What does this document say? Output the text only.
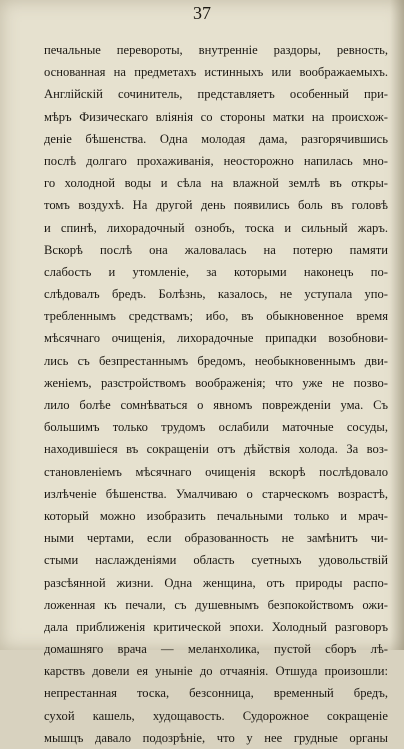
37
печальные перевороты, внутренніе раздоры, ревность,
основанная на предметахъ истинныхъ или воображаемыхъ.
Англійскій сочинитель, представляетъ особенный при-
мѣръ Физическаго вліянія со стороны матки на происхож-
деніе бѣшенства. Одна молодая дама, разгорячившись
послѣ долгаго прохаживанія, неосторожно напилась мно-
го холодной воды и сѣла на влажной землѣ въ откры-
томъ воздухѣ. На другой день появились боль въ головѣ
и спинѣ, лихорадочный ознобъ, тоска и сильный жаръ.
Вскорѣ послѣ она жаловалась на потерю памяти
слабость и утомленіе, за которыми наконецъ по-
слѣдовалъ бредъ. Болѣзнь, казалось, не уступала упо-
требленнымъ средствамъ; ибо, въ обыкновенное время
мѣсячнаго очищенія, лихорадочные припадки возобнови-
лись съ безпрестаннымъ бредомъ, необыкновеннымъ дви-
женіемъ, разстройствомъ воображенія; что уже не позво-
лило болѣе сомнѣваться о явномъ поврежденіи ума. Съ
большимъ только трудомъ ослабили маточные сосуды,
находившіеся въ сокращеніи отъ дѣйствія холода. За воз-
становленіемъ мѣсячнаго очищенія вскорѣ послѣдовало
излѣченіе бѣшенства. Умалчиваю о старческомъ возрастѣ,
который можно изобразить печальными только и мрач-
ными чертами, если образованность не замѣнитъ чи-
стыми наслажденіями область суетныхъ удовольствій
разсѣянной жизни. Одна женщина, отъ природы распо-
ложенная къ печали, съ душевнымъ безпокойствомъ ожи-
дала приближенія критической эпохи. Холодный разговоръ
домашняго врача — меланхолика, пустой сборъ лѣ-
карствъ довели ея уныніе до отчаянія. Отшуда произошли:
непрестанная тоска, безсонница, временный бредъ,
сухой кашель, худощавость. Судорожное сокращеніе
мышцъ давало подозрѣніе, что у нее грудные органы
